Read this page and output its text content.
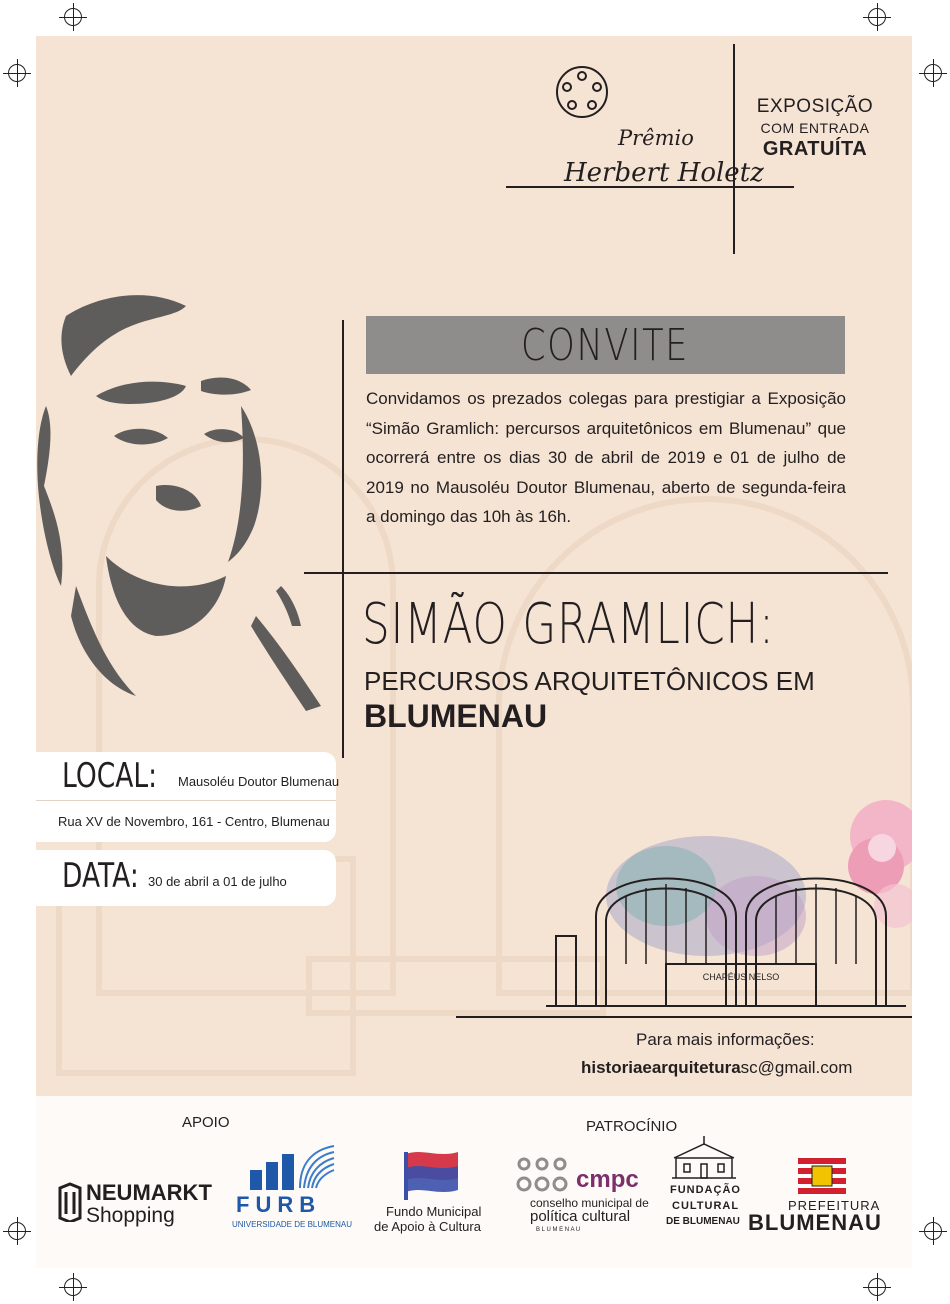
Prêmio
Herbert Holetz
EXPOSIÇÃO
COM ENTRADA
GRATUÍTA
CONVITE
Convidamos os prezados colegas para prestigiar a Exposição “Simão Gramlich: percursos arquitetônicos em Blumenau” que ocorrerá entre os dias 30 de abril de 2019 e 01 de julho de 2019 no Mausoléu Doutor Blumenau, aberto de segunda-feira a domingo das 10h às 16h.
SIMÃO GRAMLICH:
PERCURSOS ARQUITETÔNICOS EM
BLUMENAU
LOCAL: Mausoléu Doutor Blumenau
Rua XV de Novembro, 161 - Centro, Blumenau
DATA: 30 de abril a 01 de julho
CHAPÉUS NELSO
Para mais informações:
historiaearquiteturasc@gmail.com
APOIO	PATROCÍNIO
NEUMARKT
Shopping	FURB
UNIVERSIDADE DE BLUMENAU
Fundo Municipal
de Apoio à Cultura
cmpc
conselho municipal de
política cultural
B L U M E N A U
FUNDAÇÃO
CULTURAL
DE BLUMENAU
PREFEITURA
BLUMENAU
